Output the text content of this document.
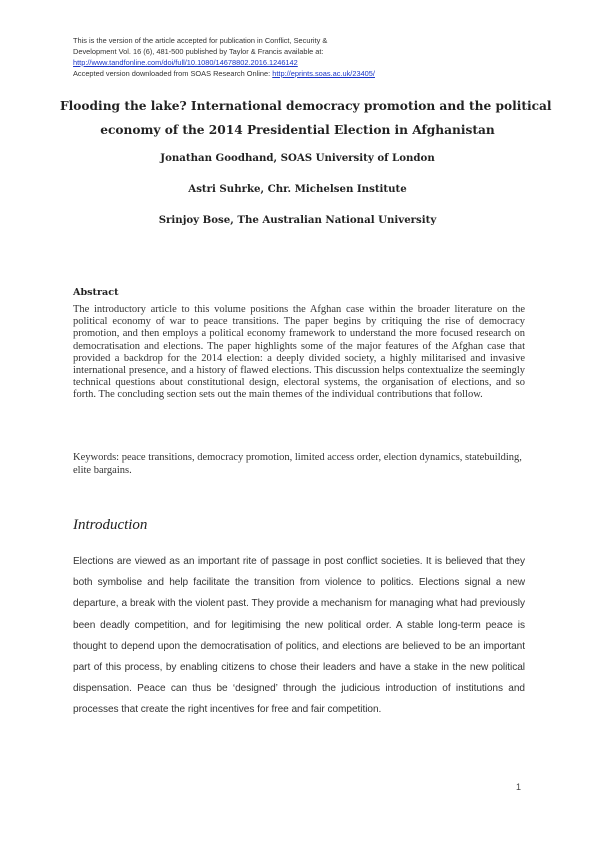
This is the version of the article accepted for publication in Conflict, Security &
Development Vol. 16 (6), 481-500 published by Taylor & Francis available at:
http://www.tandfonline.com/doi/full/10.1080/14678802.2016.1246142
Accepted version downloaded from SOAS Research Online: http://eprints.soas.ac.uk/23405/
Flooding the lake? International democracy promotion and the political
economy of the 2014 Presidential Election in Afghanistan
Jonathan Goodhand, SOAS University of London
Astri Suhrke, Chr. Michelsen Institute
Srinjoy Bose, The Australian National University
Abstract
The introductory article to this volume positions the Afghan case within the broader literature on the political economy of war to peace transitions. The paper begins by critiquing the rise of democracy promotion, and then employs a political economy framework to understand the more focused research on democratisation and elections. The paper highlights some of the major features of the Afghan case that provided a backdrop for the 2014 election: a deeply divided society, a highly militarised and invasive international presence, and a history of flawed elections. This discussion helps contextualize the seemingly technical questions about constitutional design, electoral systems, the organisation of elections, and so forth. The concluding section sets out the main themes of the individual contributions that follow.
Keywords: peace transitions, democracy promotion, limited access order, election dynamics, statebuilding, elite bargains.
Introduction
Elections are viewed as an important rite of passage in post conflict societies. It is believed that they both symbolise and help facilitate the transition from violence to politics. Elections signal a new departure, a break with the violent past. They provide a mechanism for managing what had previously been deadly competition, and for legitimising the new political order. A stable long-term peace is thought to depend upon the democratisation of politics, and elections are believed to be an important part of this process, by enabling citizens to chose their leaders and have a stake in the new political dispensation. Peace can thus be ‘designed’ through the judicious introduction of institutions and processes that create the right incentives for free and fair competition.
1
